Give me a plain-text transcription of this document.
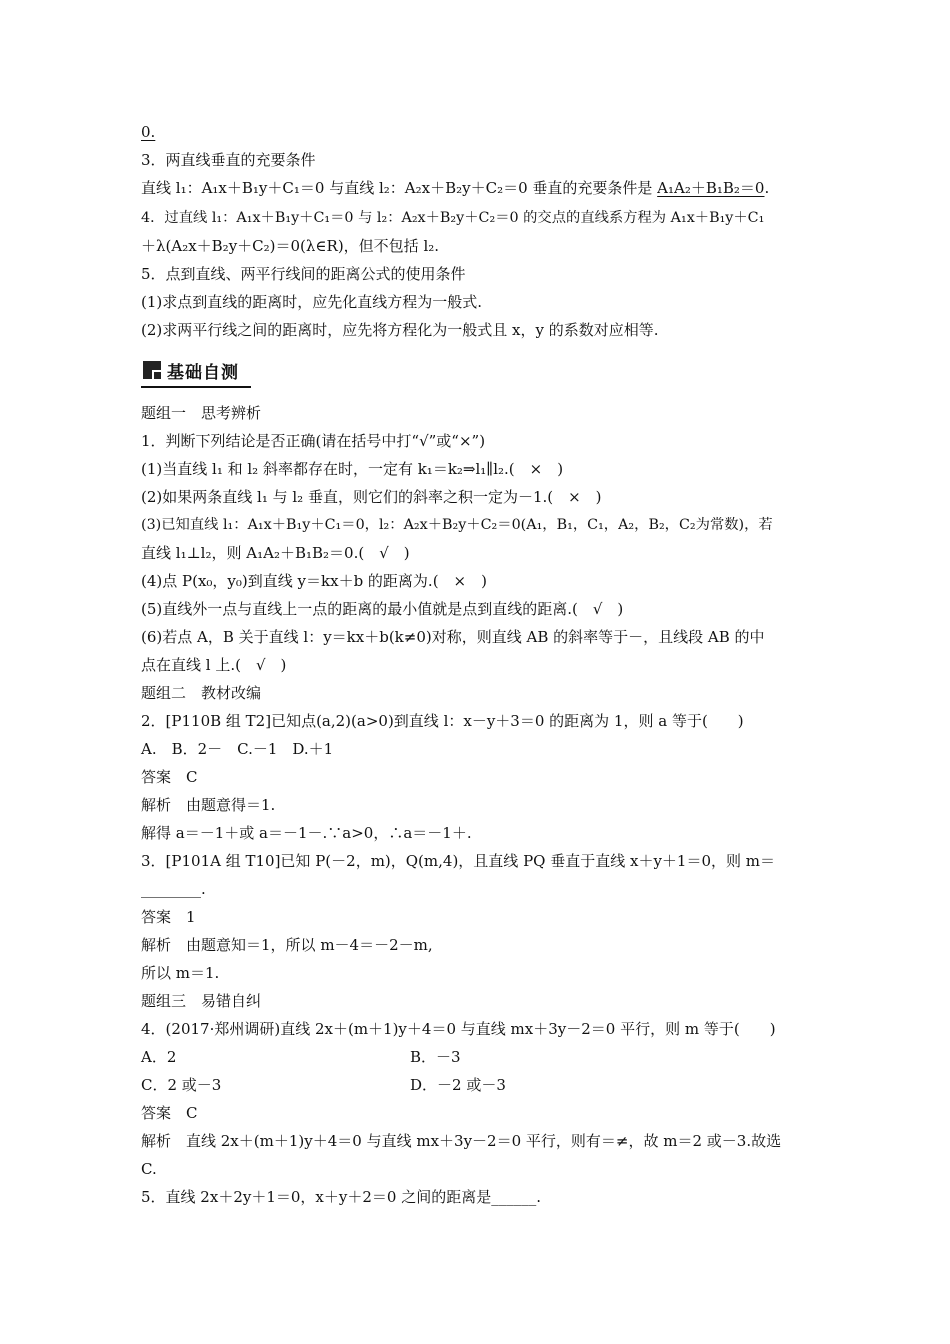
0.
3．两直线垂直的充要条件
直线 l₁：A₁x＋B₁y＋C₁＝0 与直线 l₂：A₂x＋B₂y＋C₂＝0 垂直的充要条件是 A₁A₂＋B₁B₂＝0.
4．过直线 l₁：A₁x＋B₁y＋C₁＝0 与 l₂：A₂x＋B₂y＋C₂＝0 的交点的直线系方程为 A₁x＋B₁y＋C₁
＋λ(A₂x＋B₂y＋C₂)＝0(λ∈R)，但不包括 l₂.
5．点到直线、两平行线间的距离公式的使用条件
(1)求点到直线的距离时，应先化直线方程为一般式.
(2)求两平行线之间的距离时，应先将方程化为一般式且 x，y 的系数对应相等.
基础自测
题组一　思考辨析
1．判断下列结论是否正确(请在括号中打“√”或“×”)
(1)当直线 l₁ 和 l₂ 斜率都存在时，一定有 k₁＝k₂⇒l₁∥l₂.(　×　)
(2)如果两条直线 l₁ 与 l₂ 垂直，则它们的斜率之积一定为－1.(　×　)
(3)已知直线 l₁：A₁x＋B₁y＋C₁＝0，l₂：A₂x＋B₂y＋C₂＝0(A₁，B₁，C₁，A₂，B₂，C₂为常数)，若
直线 l₁⊥l₂，则 A₁A₂＋B₁B₂＝0.(　√　)
(4)点 P(x₀，y₀)到直线 y＝kx＋b 的距离为.(　×　)
(5)直线外一点与直线上一点的距离的最小值就是点到直线的距离.(　√　)
(6)若点 A，B 关于直线 l：y＝kx＋b(k≠0)对称，则直线 AB 的斜率等于－，且线段 AB 的中
点在直线 l 上.(　√　)
题组二　教材改编
2．[P110B 组 T2]已知点(a,2)(a>0)到直线 l：x－y＋3＝0 的距离为 1，则 a 等于(　　)
A.　B．2－　C.－1　D.＋1
答案　C
解析　由题意得＝1.
解得 a＝－1＋或 a＝－1－.∵a>0，∴a＝－1＋.
3．[P101A 组 T10]已知 P(－2，m)，Q(m,4)，且直线 PQ 垂直于直线 x＋y＋1＝0，则 m＝
________.
答案　1
解析　由题意知＝1，所以 m－4＝－2－m,
所以 m＝1.
题组三　易错自纠
4．(2017·郑州调研)直线 2x＋(m＋1)y＋4＝0 与直线 mx＋3y－2＝0 平行，则 m 等于(　　)
A．2	B．－3
C．2 或－3	D．－2 或－3
答案　C
解析　直线 2x＋(m＋1)y＋4＝0 与直线 mx＋3y－2＝0 平行，则有＝≠，故 m＝2 或－3.故选
C.
5．直线 2x＋2y＋1＝0，x＋y＋2＝0 之间的距离是______.
